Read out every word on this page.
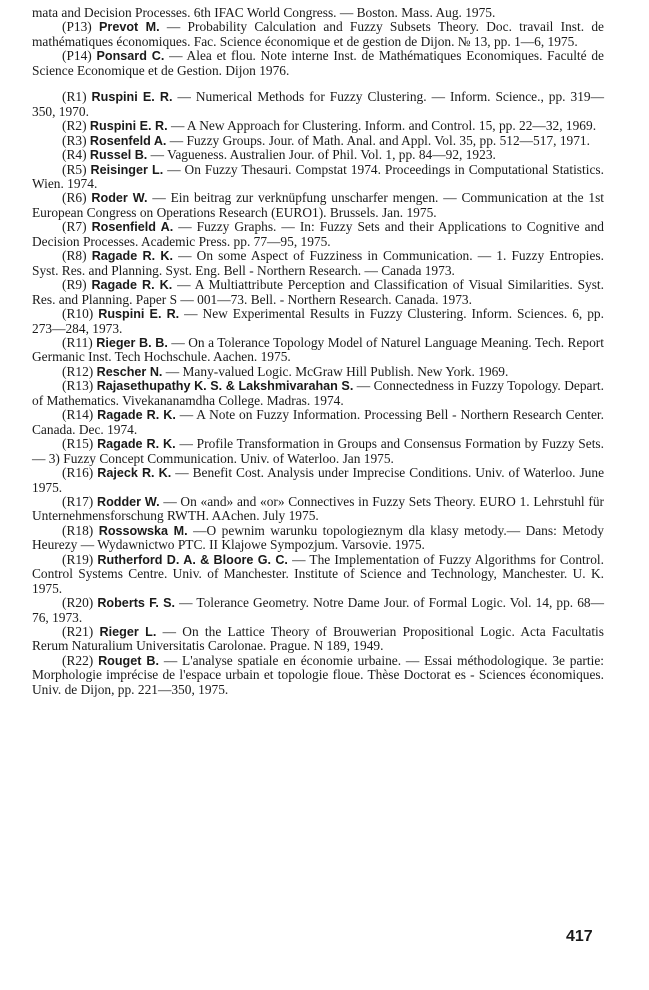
mata and Decision Processes. 6th IFAC World Congress. — Boston. Mass. Aug. 1975.

(P13) Prevot M. — Probability Calculation and Fuzzy Subsets Theory. Doc. travail Inst. de mathématiques économiques. Fac. Science économique et de gestion de Dijon. № 13, pp. 1—6, 1975.

(P14) Ponsard C. — Alea et flou. Note interne Inst. de Mathématiques Economiques. Faculté de Science Economique et de Gestion. Dijon 1976.

(R1) Ruspini E. R. — Numerical Methods for Fuzzy Clustering. — Inform. Science., pp. 319—350, 1970.

(R2) Ruspini E. R. — A New Approach for Clustering. Inform. and Control. 15, pp. 22—32, 1969.

(R3) Rosenfeld A. — Fuzzy Groups. Jour. of Math. Anal. and Appl. Vol. 35, pp. 512—517, 1971.

(R4) Russel B. — Vagueness. Australien Jour. of Phil. Vol. 1, pp. 84—92, 1923.

(R5) Reisinger L. — On Fuzzy Thesauri. Compstat 1974. Proceedings in Computational Statistics. Wien. 1974.

(R6) Roder W. — Ein beitrag zur verknüpfung unscharfer mengen. — Communication at the 1st European Congress on Operations Research (EURO1). Brussels. Jan. 1975.

(R7) Rosenfield A. — Fuzzy Graphs. — In: Fuzzy Sets and their Applications to Cognitive and Decision Processes. Academic Press. pp. 77—95, 1975.

(R8) Ragade R. K. — On some Aspect of Fuzziness in Communication. — 1. Fuzzy Entropies. Syst. Res. and Planning. Syst. Eng. Bell - Northern Research. — Canada 1973.

(R9) Ragade R. K. — A Multiattribute Perception and Classification of Visual Similarities. Syst. Res. and Planning. Paper S — 001—73. Bell. - Northern Research. Canada. 1973.

(R10) Ruspini E. R. — New Experimental Results in Fuzzy Clustering. Inform. Sciences. 6, pp. 273—284, 1973.

(R11) Rieger B. B. — On a Tolerance Topology Model of Naturel Language Meaning. Tech. Report Germanic Inst. Tech Hochschule. Aachen. 1975.

(R12) Rescher N. — Many-valued Logic. McGraw Hill Publish. New York. 1969.

(R13) Rajasethupathy K. S. & Lakshmivarahan S. — Connectedness in Fuzzy Topology. Depart. of Mathematics. Vivekananamdha College. Madras. 1974.

(R14) Ragade R. K. — A Note on Fuzzy Information. Processing Bell - Northern Research Center. Canada. Dec. 1974.

(R15) Ragade R. K. — Profile Transformation in Groups and Consensus Formation by Fuzzy Sets. — 3) Fuzzy Concept Communication. Univ. of Waterloo. Jan 1975.

(R16) Rajeck R. K. — Benefit Cost. Analysis under Imprecise Conditions. Univ. of Waterloo. June 1975.

(R17) Rodder W. — On «and» and «or» Connectives in Fuzzy Sets Theory. EURO 1. Lehrstuhl für Unternehmensforschung RWTH. AAchen. July 1975.

(R18) Rossowska M. —O pewnim warunku topologieznym dla klasy metody.— Dans: Metody Heurezy — Wydawnictwo PTC. II Klajowe Sympozjum. Varsovie. 1975.

(R19) Rutherford D. A. & Bloore G. C. — The Implementation of Fuzzy Algorithms for Control. Control Systems Centre. Univ. of Manchester. Institute of Science and Technology, Manchester. U. K. 1975.

(R20) Roberts F. S. — Tolerance Geometry. Notre Dame Jour. of Formal Logic. Vol. 14, pp. 68—76, 1973.

(R21) Rieger L. — On the Lattice Theory of Brouwerian Propositional Logic. Acta Facultatis Rerum Naturalium Universitatis Carolonae. Prague. N 189, 1949.

(R22) Rouget B. — L'analyse spatiale en économie urbaine. — Essai méthodologique. 3e partie: Morphologie imprécise de l'espace urbain et topologie floue. Thèse Doctorat es - Sciences économiques. Univ. de Dijon, pp. 221—350, 1975.

417
